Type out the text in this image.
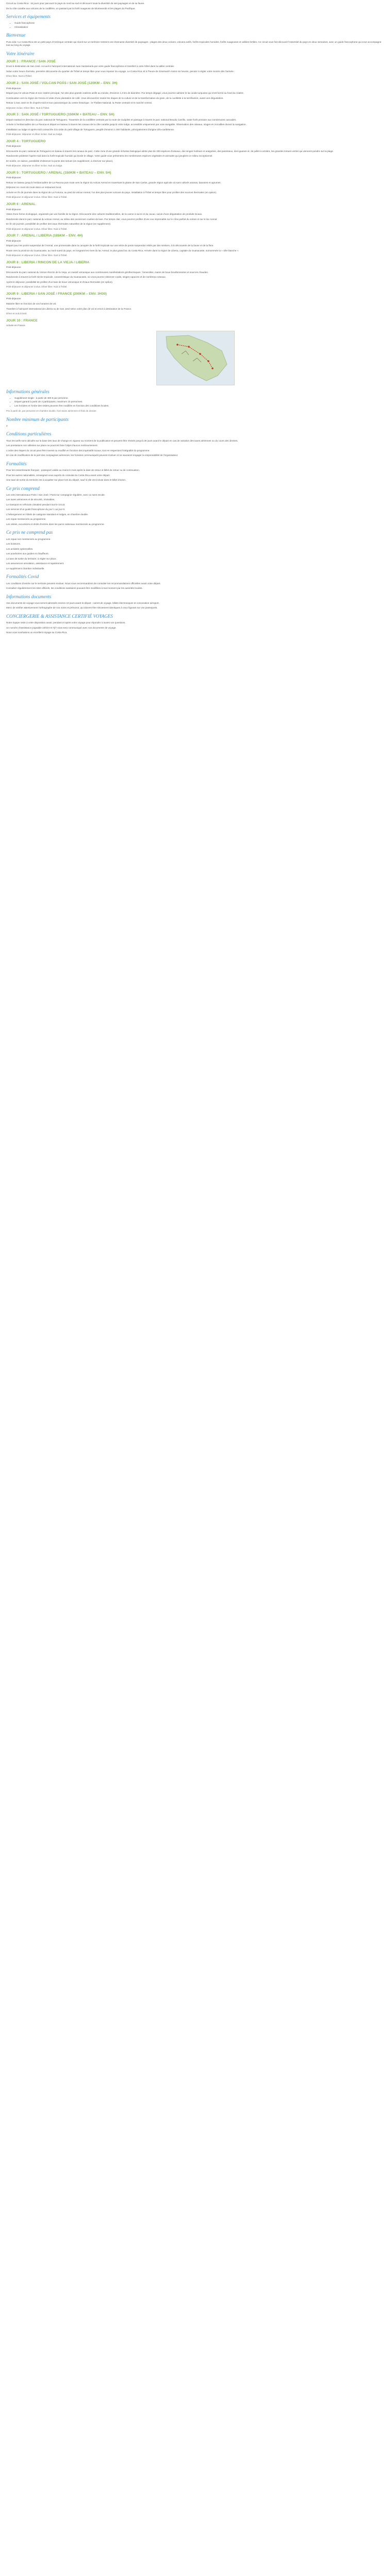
Circuit au Costa Rica : 15 jours pour parcourir le pays du nord au sud et découvrir toute la diversité de ses paysages et de sa faune.

De la côte caraïbe aux volcans de la cordillère, en passant par la forêt nuageuse de Monteverde et les plages du Pacifique.

Services et équipements
• Guide francophone
• Climatisation
Bienvenue

Pura vida ! Le Costa Rica est un petit pays d'Amérique centrale qui réunit sur un territoire restreint une étonnante diversité de paysages : plages des deux océans, volcans actifs, forêts tropicales humides, forêts nuageuses et vallées fertiles. Ce circuit vous fait découvrir l'essentiel du pays en deux semaines, avec un guide francophone qui vous accompagne tout au long du voyage.

Votre itinéraire
JOUR 1 : FRANCE / SAN JOSÉ

Envol à destination de San José. Accueil à l'aéroport international Juan Santamaría par votre guide francophone et transfert à votre hôtel dans la vallée centrale.

Selon votre heure d'arrivée, première découverte du quartier de l'hôtel et temps libre pour vous reposer du voyage. Le Costa Rica vit à l'heure de Greenwich moins six heures, pensez à régler votre montre dès l'arrivée.

Dîner libre. Nuit à l'hôtel.

JOUR 2 : SAN JOSÉ / VOLCAN POÁS / SAN JOSÉ (120KM – ENV. 3H)

Petit-déjeuner.

Départ pour le volcan Poás et son cratère principal, l'un des plus grands cratères actifs au monde, d'environ 1,3 km de diamètre. Par temps dégagé, vous pourrez admirer le lac acide turquoise qui s'est formé au fond du cratère.

Continuation vers la région de Grecia et visite d'une plantation de café. Vous découvrirez toutes les étapes de la culture et de la transformation du grain, de la cueillette à la torréfaction, avant une dégustation.

Retour à San José en fin d'après-midi et tour panoramique du centre historique : le Théâtre National, la Poste centrale et le marché central.

Déjeuner inclus. Dîner libre. Nuit à l'hôtel.

JOUR 3 : SAN JOSÉ / TORTUGUERO (150KM + BATEAU – ENV. 5H)

Départ matinal en direction du parc national de Tortuguero. Traversée de la cordillère centrale par la route de Guápiles et passage à travers le parc national Braulio Carrillo, vaste forêt primaire aux nombreuses cascades.

Arrivée à l'embarcadère de La Pavona et départ en bateau à travers les canaux de la côte caraïbe jusqu'à votre lodge, accessible uniquement par voie navigable. Observation des oiseaux, singes et crocodiles durant la navigation.

Installation au lodge et après-midi consacrée à la visite du petit village de Tortuguero, peuplé d'environ 1 300 habitants, principalement d'origine afro-caribéenne.

Petit-déjeuner, déjeuner et dîner inclus. Nuit au lodge.

JOUR 4 : TORTUGUERO

Petit-déjeuner.

Découverte du parc national de Tortuguero en bateau à travers les canaux du parc. Cette zone d'une grande richesse biologique abrite plus de 300 espèces d'oiseaux, des singes hurleurs et araignées, des paresseux, des iguanes et, de juillet à octobre, les grandes tortues vertes qui viennent pondre sur la plage.

Randonnée pédestre l'après-midi dans la forêt tropicale humide qui borde le village. Votre guide vous présentera les nombreuses espèces végétales et animales qui peuplent ce milieu exceptionnel.

En soirée, en saison, possibilité d'observer la ponte des tortues (en supplément, à réserver sur place).

Petit-déjeuner, déjeuner et dîner inclus. Nuit au lodge.

JOUR 5 : TORTUGUERO / ARENAL (150KM + BATEAU – ENV. 5H)

Petit-déjeuner.

Retour en bateau jusqu'à l'embarcadère de La Pavona puis route vers la région du volcan Arenal en traversant la plaine de San Carlos, grande région agricole où sont cultivés ananas, bananes et agrumes.

Déjeuner en cours de route dans un restaurant local.

Arrivée en fin de journée dans la région de La Fortuna, au pied du volcan Arenal, l'un des plus jeunes volcans du pays. Installation à l'hôtel et temps libre pour profiter des sources thermales (en option).

Petit-déjeuner et déjeuner inclus. Dîner libre. Nuit à l'hôtel.

JOUR 6 : ARENAL

Petit-déjeuner.

Visite d'une ferme écologique, organisée par une famille de la région. Découverte des cultures traditionnelles, de la canne à sucre et du cacao, suivie d'une dégustation de produits locaux.

Randonnée dans le parc national du volcan Arenal, au milieu des anciennes coulées de lave. Par temps clair, vous pourrez profiter d'une vue imprenable sur le cône parfait du volcan et sur le lac Arenal.

En fin de journée, possibilité de profiter des eaux thermales naturelles de la région (en supplément).

Petit-déjeuner et déjeuner inclus. Dîner libre. Nuit à l'hôtel.

JOUR 7 : ARENAL / LIBERIA (185KM – ENV. 4H)

Petit-déjeuner.

Départ pour les ponts suspendus de l'Arenal, une promenade dans la canopée de la forêt tropicale sur une série de ponts suspendus reliés par des sentiers, à la découverte de la faune et de la flore.

Route vers la province du Guanacaste, au nord-ouest du pays, en longeant les rives du lac Arenal, le plus grand lac du Costa Rica. Arrivée dans la région de Liberia, capitale du Guanacaste, surnommée la « ville blanche ».

Petit-déjeuner et déjeuner inclus. Dîner libre. Nuit à l'hôtel.

JOUR 8 : LIBERIA / RINCON DE LA VIEJA / LIBERIA

Petit-déjeuner.

Découverte du parc national du Volcan Rincón de la Vieja, un massif volcanique aux nombreuses manifestations géothermiques : fumerolles, mares de boue bouillonnantes et sources chaudes.

Randonnée à travers la forêt sèche tropicale, caractéristique du Guanacaste, où vous pourrez observer coatis, singes capucins et de nombreux oiseaux.

Après le déjeuner, possibilité de profiter d'un bain de boue volcanique et d'eaux thermales (en option).

Petit-déjeuner et déjeuner inclus. Dîner libre. Nuit à l'hôtel.

JOUR 9 : LIBERIA / SAN JOSÉ / FRANCE (200KM – ENV. 3H30)

Petit-déjeuner.

Matinée libre en fonction de vos horaires de vol.

Transfert à l'aéroport international de Liberia ou de San José selon votre plan de vol et envol à destination de la France.

Dîner et nuit à bord.

JOUR 10 : FRANCE

Arrivée en France.

Informations générales
• Supplément single : à partir de 480 € par personne.
• Départ garanti à partir de 2 participants, maximum 16 personnes.
• Les horaires et l'ordre des visites peuvent être modifiés en fonction des conditions locales.

Prix à partir de, par personne en chambre double, hors taxes aériennes et frais de dossier.

Nombre minimum de participants

2

Conditions particulières

Tous les tarifs sont calculés sur la base des taux de change en vigueur au moment de la publication et peuvent être révisés jusqu'à 30 jours avant le départ en cas de variation des taxes aériennes ou du cours des devises.

Les prestations non utilisées sur place ne pourront faire l'objet d'aucun remboursement.

L'ordre des étapes du circuit peut être inversé ou modifié en fonction des impératifs locaux, tout en respectant l'intégralité du programme.

En cas de modification de la part des compagnies aériennes, les horaires communiqués peuvent évoluer et ne sauraient engager la responsabilité de l'organisateur.

Formalités

Pour les ressortissants français : passeport valide au moins 6 mois après la date de retour et billet de retour ou de continuation.

Pour les autres nationalités, renseignez-vous auprès du consulat du Costa Rica avant votre départ.

Une taxe de sortie du territoire est à acquitter sur place lors du départ, sauf si elle est incluse dans le billet d'avion.

Ce prix comprend

Les vols internationaux Paris / San José / Paris sur compagnie régulière, avec ou sans escale.

Les taxes aériennes et de sécurité, révisables.

Le transport en véhicule climatisé pendant tout le circuit.

Les services d'un guide francophone du jour 1 au jour 9.

L'hébergement en hôtels de catégorie standard et lodges, en chambre double.

Les repas mentionnés au programme.

Les visites, excursions et droits d'entrée dans les parcs nationaux mentionnés au programme.

Ce prix ne comprend pas

Les repas non mentionnés au programme.

Les boissons.

Les activités optionnelles.

Les pourboires aux guides et chauffeurs.

La taxe de sortie du territoire, à régler sur place.

Les assurances annulation, assistance et rapatriement.

Le supplément chambre individuelle.

Formalités Covid

Les conditions d'entrée sur le territoire peuvent évoluer. Nous vous recommandons de consulter les recommandations officielles avant votre départ.

Consultez régulièrement les sites officiels, les conditions sanitaires pouvant être modifiées à tout moment par les autorités locales.

Informations documents

Vos documents de voyage vous seront adressés environ 10 jours avant le départ : carnet de voyage, billets électroniques et convocation aéroport.

Merci de vérifier attentivement l'orthographe de vos noms et prénoms, qui doivent être strictement identiques à ceux figurant sur vos passeports.

CONCIERGERIE & ASSISTANCE CERTIFIÉ VOYAGES

Notre équipe reste à votre disposition avant, pendant et après votre voyage pour répondre à toutes vos questions.

Un numéro d'assistance joignable 24h/24 et 7j/7 vous sera communiqué avec vos documents de voyage.

Nous vous souhaitons un excellent voyage au Costa Rica.
